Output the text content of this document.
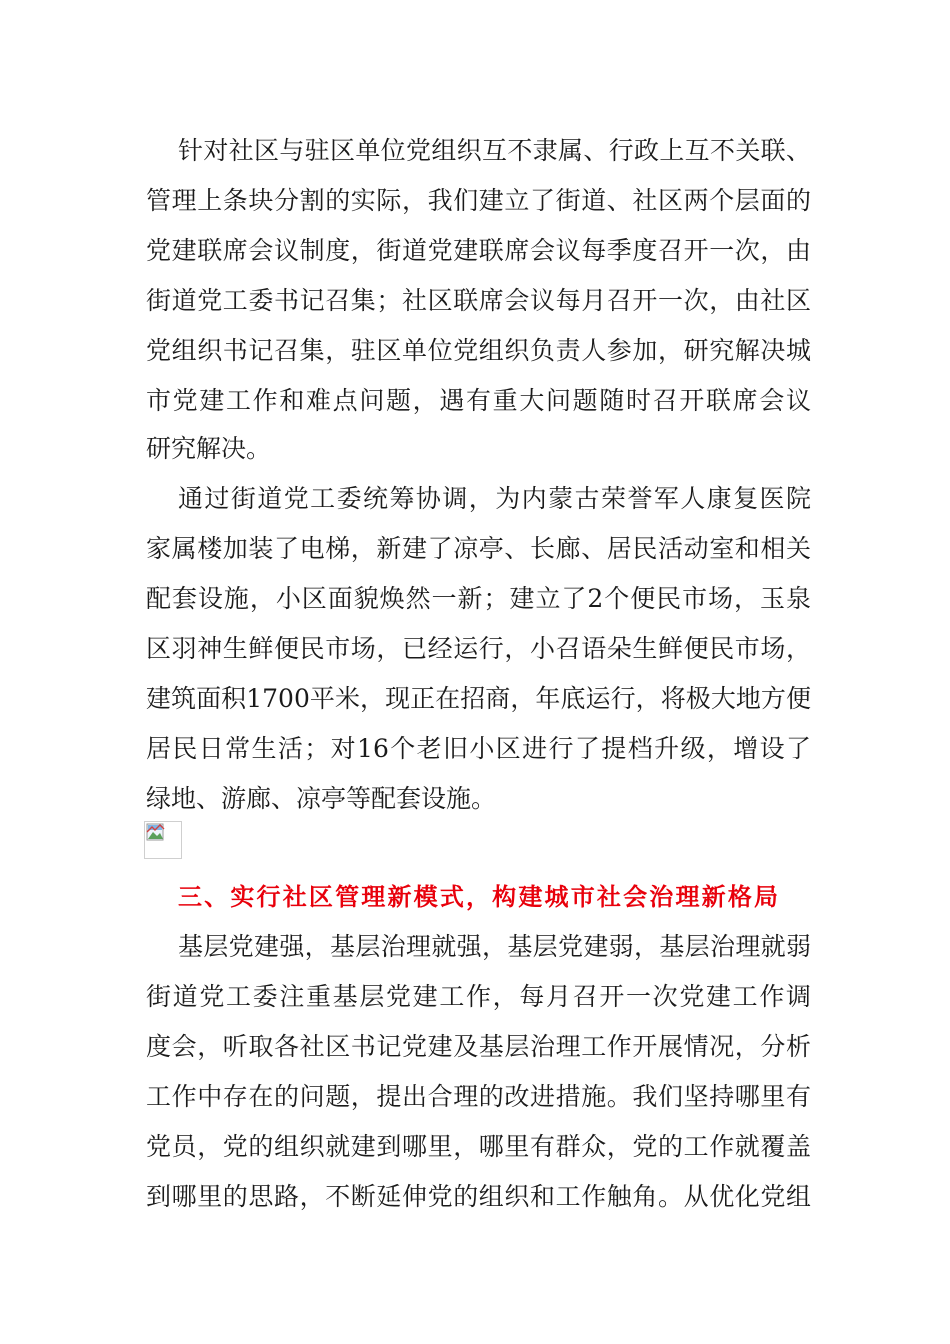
针对社区与驻区单位党组织互不隶属、行政上互不关联、
管理上条块分割的实际，我们建立了街道、社区两个层面的
党建联席会议制度，街道党建联席会议每季度召开一次，由
街道党工委书记召集；社区联席会议每月召开一次，由社区
党组织书记召集，驻区单位党组织负责人参加，研究解决城
市党建工作和难点问题，遇有重大问题随时召开联席会议
研究解决。
通过街道党工委统筹协调，为内蒙古荣誉军人康复医院
家属楼加装了电梯，新建了凉亭、长廊、居民活动室和相关
配套设施，小区面貌焕然一新；建立了2个便民市场，玉泉
区羽神生鲜便民市场，已经运行，小召语朵生鲜便民市场，
建筑面积1700平米，现正在招商，年底运行，将极大地方便
居民日常生活；对16个老旧小区进行了提档升级，增设了
绿地、游廊、凉亭等配套设施。
三、实行社区管理新模式，构建城市社会治理新格局
基层党建强，基层治理就强，基层党建弱，基层治理就弱
街道党工委注重基层党建工作，每月召开一次党建工作调
度会，听取各社区书记党建及基层治理工作开展情况，分析
工作中存在的问题，提出合理的改进措施。我们坚持哪里有
党员，党的组织就建到哪里，哪里有群众，党的工作就覆盖
到哪里的思路，不断延伸党的组织和工作触角。从优化党组
